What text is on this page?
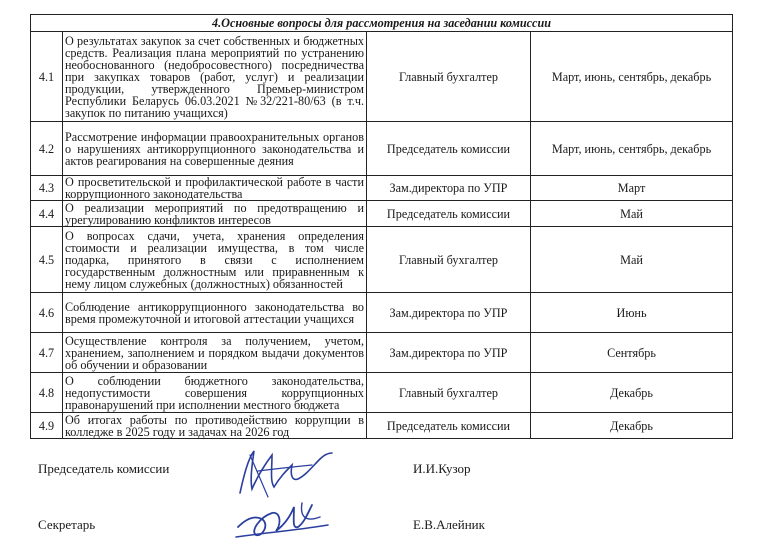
4.Основные вопросы для рассмотрения на заседании комиссии			
4.1	О результатах закупок за счет собственных и бюджетных средств. Реализация плана мероприятий по устранению необоснованного (недобросовестного) посредничества при закупках товаров (работ, услуг) и реализации продукции, утвержденного Премьер-министром Республики Беларусь 06.03.2021 №32/221-80/63 (в т.ч. закупок по питанию учащихся)	Главный бухгалтер	Март, июнь, сентябрь, декабрь
4.2	Рассмотрение информации правоохранительных органов о нарушениях антикоррупционного законодательства и актов реагирования на совершенные деяния	Председатель комиссии	Март, июнь, сентябрь, декабрь
4.3	О просветительской и профилактической работе в части коррупционного законодательства	Зам.директора по УПР	Март
4.4	О реализации мероприятий по предотвращению и урегулированию конфликтов интересов	Председатель комиссии	Май
4.5	О вопросах сдачи, учета, хранения определения стоимости и реализации имущества, в том числе подарка, принятого в связи с исполнением государственным должностным или приравненным к нему лицом служебных (должностных) обязанностей	Главный бухгалтер	Май
4.6	Соблюдение антикоррупционного законодательства во время промежуточной и итоговой аттестации учащихся	Зам.директора по УПР	Июнь
4.7	Осуществление контроля за получением, учетом, хранением, заполнением и порядком выдачи документов об обучении и образовании	Зам.директора по УПР	Сентябрь
4.8	О соблюдении бюджетного законодательства, недопустимости совершения коррупционных правонарушений при исполнении местного бюджета	Главный бухгалтер	Декабрь
4.9	Об итогах работы по противодействию коррупции в колледже в 2025 году и задачах на 2026 год	Председатель комиссии	Декабрь
Председатель комиссии	И.И.Кузор
Секретарь	Е.В.Алейник
